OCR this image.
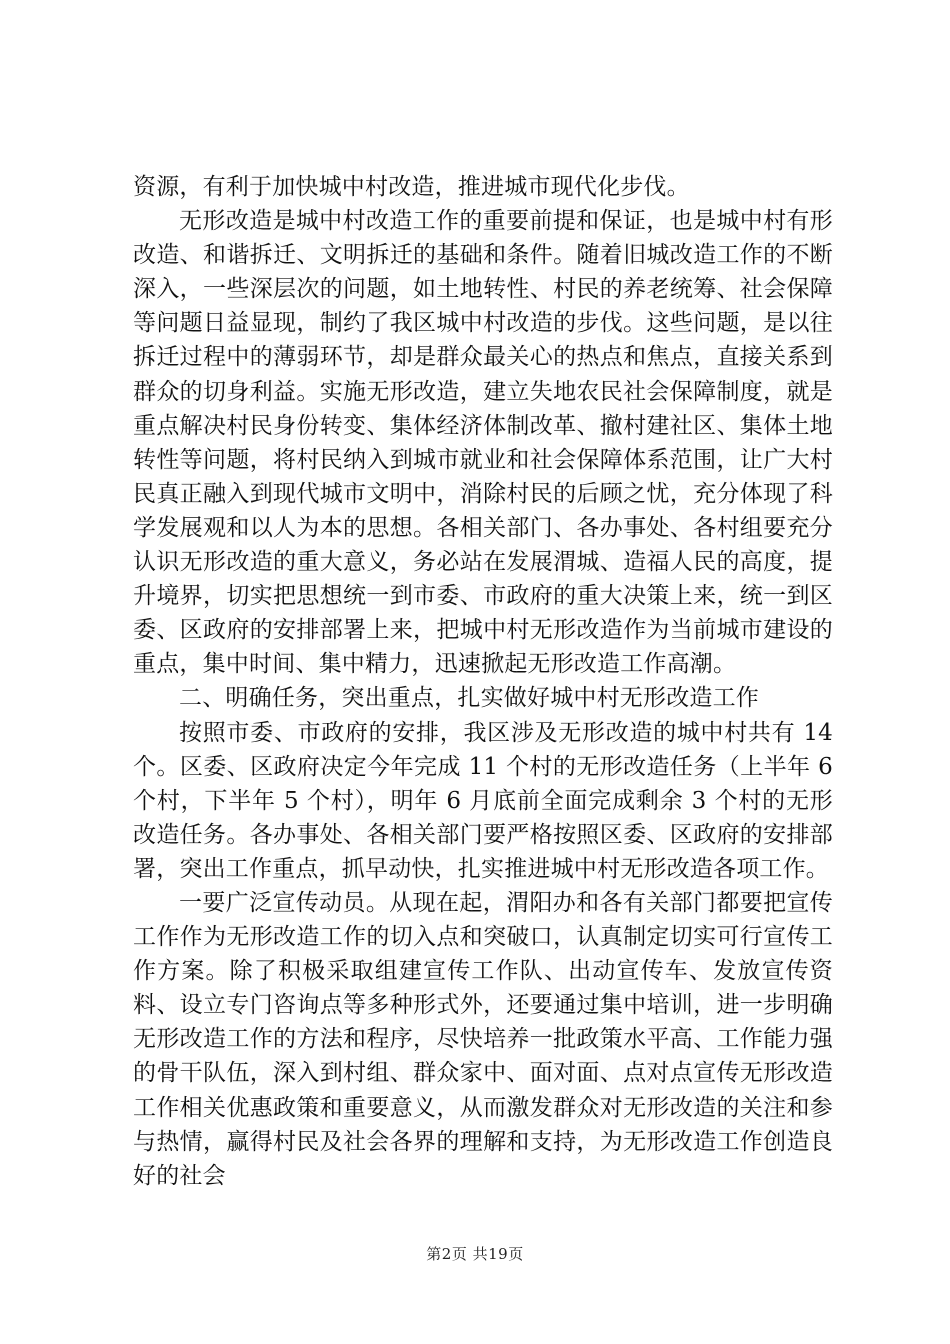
资源，有利于加快城中村改造，推进城市现代化步伐。

无形改造是城中村改造工作的重要前提和保证，也是城中村有形改造、和谐拆迁、文明拆迁的基础和条件。随着旧城改造工作的不断深入，一些深层次的问题，如土地转性、村民的养老统筹、社会保障等问题日益显现，制约了我区城中村改造的步伐。这些问题，是以往拆迁过程中的薄弱环节，却是群众最关心的热点和焦点，直接关系到群众的切身利益。实施无形改造，建立失地农民社会保障制度，就是重点解决村民身份转变、集体经济体制改革、撤村建社区、集体土地转性等问题，将村民纳入到城市就业和社会保障体系范围，让广大村民真正融入到现代城市文明中，消除村民的后顾之忧，充分体现了科学发展观和以人为本的思想。各相关部门、各办事处、各村组要充分认识无形改造的重大意义，务必站在发展渭城、造福人民的高度，提升境界，切实把思想统一到市委、市政府的重大决策上来，统一到区委、区政府的安排部署上来，把城中村无形改造作为当前城市建设的重点，集中时间、集中精力，迅速掀起无形改造工作高潮。

二、明确任务，突出重点，扎实做好城中村无形改造工作

按照市委、市政府的安排，我区涉及无形改造的城中村共有 14 个。区委、区政府决定今年完成 11 个村的无形改造任务（上半年 6 个村，下半年 5 个村），明年 6 月底前全面完成剩余 3 个村的无形改造任务。各办事处、各相关部门要严格按照区委、区政府的安排部署，突出工作重点，抓早动快，扎实推进城中村无形改造各项工作。

一要广泛宣传动员。从现在起，渭阳办和各有关部门都要把宣传工作作为无形改造工作的切入点和突破口，认真制定切实可行宣传工作方案。除了积极采取组建宣传工作队、出动宣传车、发放宣传资料、设立专门咨询点等多种形式外，还要通过集中培训，进一步明确无形改造工作的方法和程序，尽快培养一批政策水平高、工作能力强的骨干队伍，深入到村组、群众家中、面对面、点对点宣传无形改造工作相关优惠政策和重要意义，从而激发群众对无形改造的关注和参与热情，赢得村民及社会各界的理解和支持，为无形改造工作创造良好的社会

第2页 共19页
